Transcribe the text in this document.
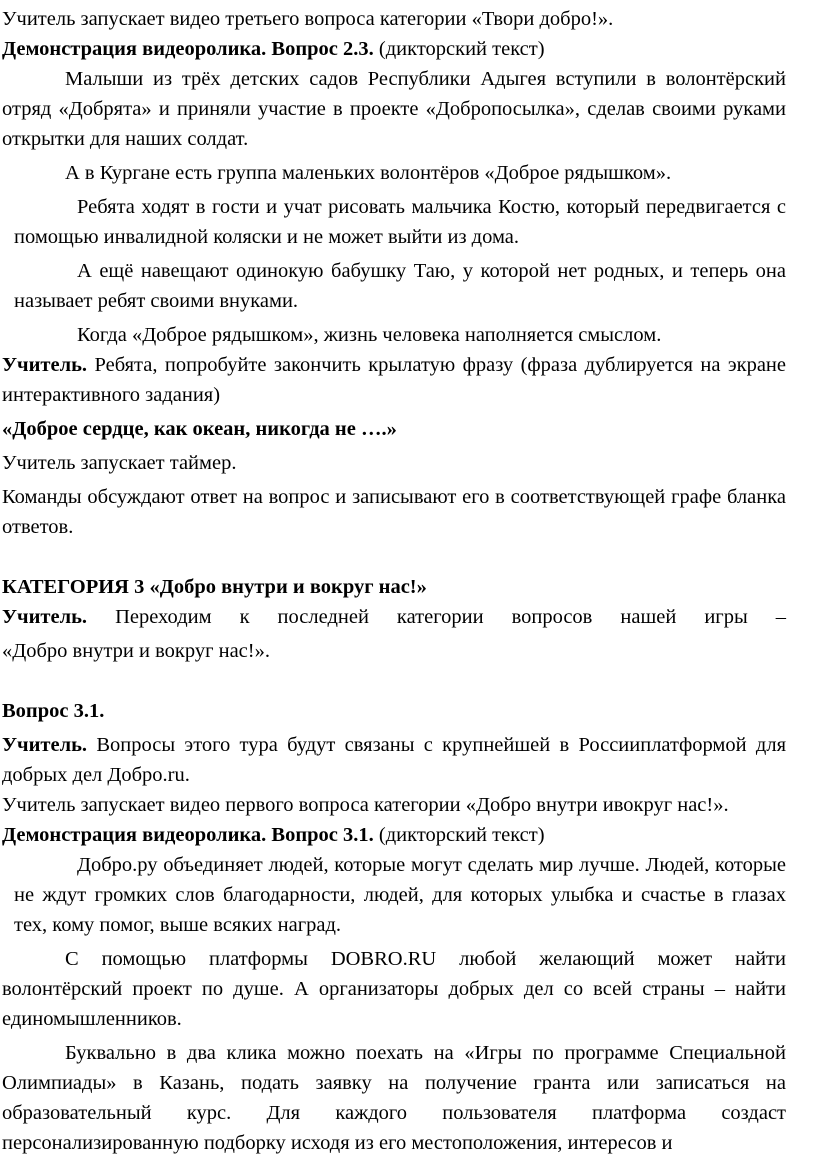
Учитель запускает видео третьего вопроса категории «Твори добро!».

Демонстрация видеоролика. Вопрос 2.3. (дикторский текст)

Малыши из трёх детских садов Республики Адыгея вступили в волонтёрский отряд «Добрята» и приняли участие в проекте «Добропосылка», сделав своими руками открытки для наших солдат.

А в Кургане есть группа маленьких волонтёров «Доброе рядышком».

Ребята ходят в гости и учат рисовать мальчика Костю, который передвигается с помощью инвалидной коляски и не может выйти из дома.

А ещё навещают одинокую бабушку Таю, у которой нет родных, и теперь она называет ребят своими внуками.

Когда «Доброе рядышком», жизнь человека наполняется смыслом.

Учитель. Ребята, попробуйте закончить крылатую фразу (фраза дублируется на экране интерактивного задания)

«Доброе сердце, как океан, никогда не ….»

Учитель запускает таймер.

Команды обсуждают ответ на вопрос и записывают его в соответствующей графе бланка ответов.

КАТЕГОРИЯ 3 «Добро внутри и вокруг нас!»

Учитель. Переходим к последней категории вопросов нашей игры –

«Добро внутри и вокруг нас!».

Вопрос 3.1.

Учитель. Вопросы этого тура будут связаны с крупнейшей в Россииплатформой для добрых дел Добро.ru.

Учитель запускает видео первого вопроса категории «Добро внутри ивокруг нас!».

Демонстрация видеоролика. Вопрос 3.1. (дикторский текст)

Добро.ру объединяет людей, которые могут сделать мир лучше. Людей, которые не ждут громких слов благодарности, людей, для которых улыбка и счастье в глазах тех, кому помог, выше всяких наград.

С помощью платформы DOBRO.RU любой желающий может найти волонтёрский проект по душе. А организаторы добрых дел со всей страны – найти единомышленников.

Буквально в два клика можно поехать на «Игры по программе Специальной Олимпиады» в Казань, подать заявку на получение гранта или записаться на образовательный курс. Для каждого пользователя платформа создаст персонализированную подборку исходя из его местоположения, интересов и
